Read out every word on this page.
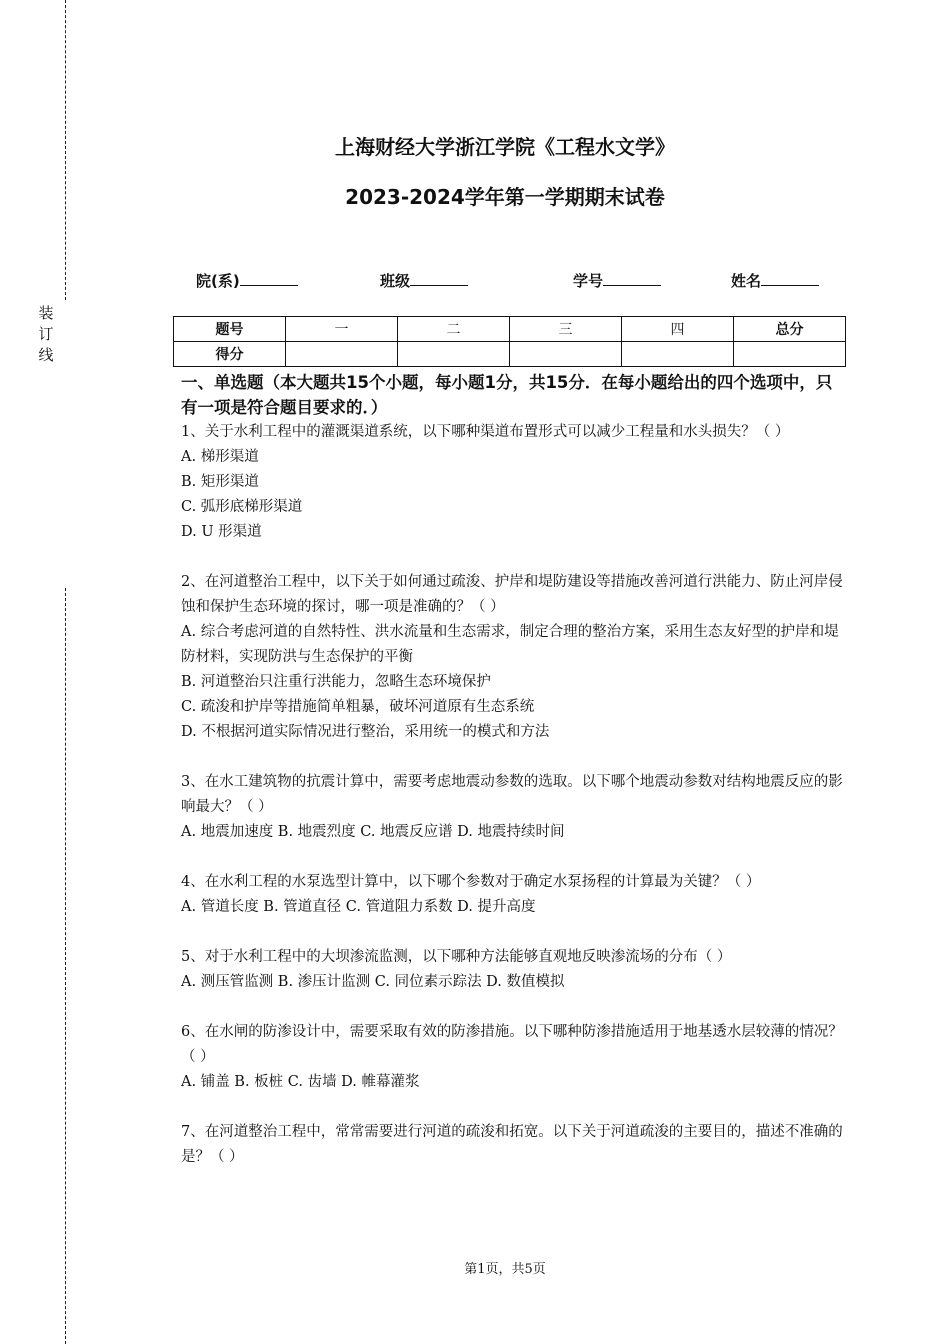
装订线
上海财经大学浙江学院《工程水文学》
2023-2024学年第一学期期末试卷
院(系)	班级	学号	姓名
题号	一	二	三	四	总分
得分					
一、单选题（本大题共15个小题，每小题1分，共15分．在每小题给出的四个选项中，只有一项是符合题目要求的．）

1、关于水利工程中的灌溉渠道系统，以下哪种渠道布置形式可以减少工程量和水头损失？（ ）

A. 梯形渠道

B. 矩形渠道

C. 弧形底梯形渠道

D. U 形渠道

2、在河道整治工程中，以下关于如何通过疏浚、护岸和堤防建设等措施改善河道行洪能力、防止河岸侵蚀和保护生态环境的探讨，哪一项是准确的？（ ）

A. 综合考虑河道的自然特性、洪水流量和生态需求，制定合理的整治方案，采用生态友好型的护岸和堤防材料，实现防洪与生态保护的平衡

B. 河道整治只注重行洪能力，忽略生态环境保护

C. 疏浚和护岸等措施简单粗暴，破坏河道原有生态系统

D. 不根据河道实际情况进行整治，采用统一的模式和方法

3、在水工建筑物的抗震计算中，需要考虑地震动参数的选取。以下哪个地震动参数对结构地震反应的影响最大？（ ）

A. 地震加速度 B. 地震烈度 C. 地震反应谱 D. 地震持续时间

4、在水利工程的水泵选型计算中，以下哪个参数对于确定水泵扬程的计算最为关键？（ ）

A. 管道长度 B. 管道直径 C. 管道阻力系数 D. 提升高度

5、对于水利工程中的大坝渗流监测，以下哪种方法能够直观地反映渗流场的分布（ ）

A. 测压管监测 B. 渗压计监测 C. 同位素示踪法 D. 数值模拟

6、在水闸的防渗设计中，需要采取有效的防渗措施。以下哪种防渗措施适用于地基透水层较薄的情况？（ ）

A. 铺盖 B. 板桩 C. 齿墙 D. 帷幕灌浆

7、在河道整治工程中，常常需要进行河道的疏浚和拓宽。以下关于河道疏浚的主要目的，描述不准确的是？（ ）

第1页，共5页
